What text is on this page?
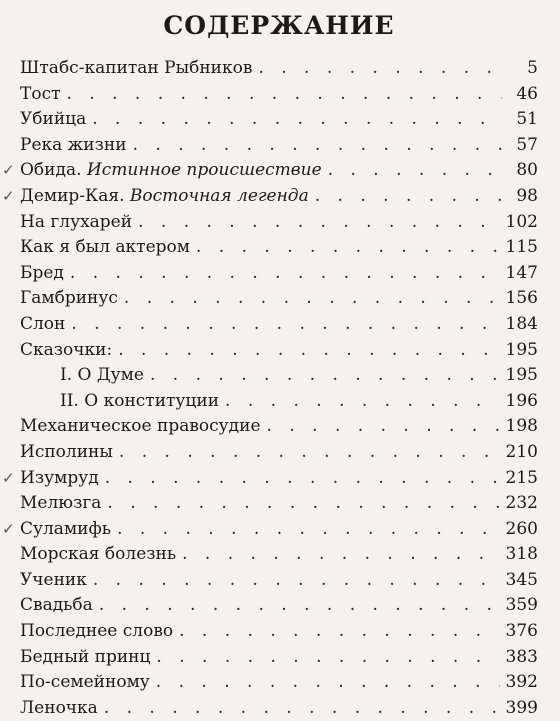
СОДЕРЖАНИЕ
Штабс-капитан Рыбников . . .	5
Тост . . .	46
Убийца . . .	51
Река жизни . . .	57
✓ Обида. Истинное происшествие . . .	80
✓ Демир-Кая. Восточная легенда . . .	98
На глухарей . . .	102
Как я был актером . . .	115
Бред . . .	147
Гамбринус . . .	156
Слон . . .	184
Сказочки: . . .	195
I. О Думе . . .	195
II. О конституции . . .	196
Механическое правосудие . . .	198
Исполины . . .	210
✓ Изумруд . . .	215
Мелюзга . . .	232
✓ Суламифь . . .	260
Морская болезнь . . .	318
Ученик . . .	345
Свадьба . . .	359
Последнее слово . . .	376
Бедный принц . . .	383
По-семейному . . .	392
Леночка . . .	399
